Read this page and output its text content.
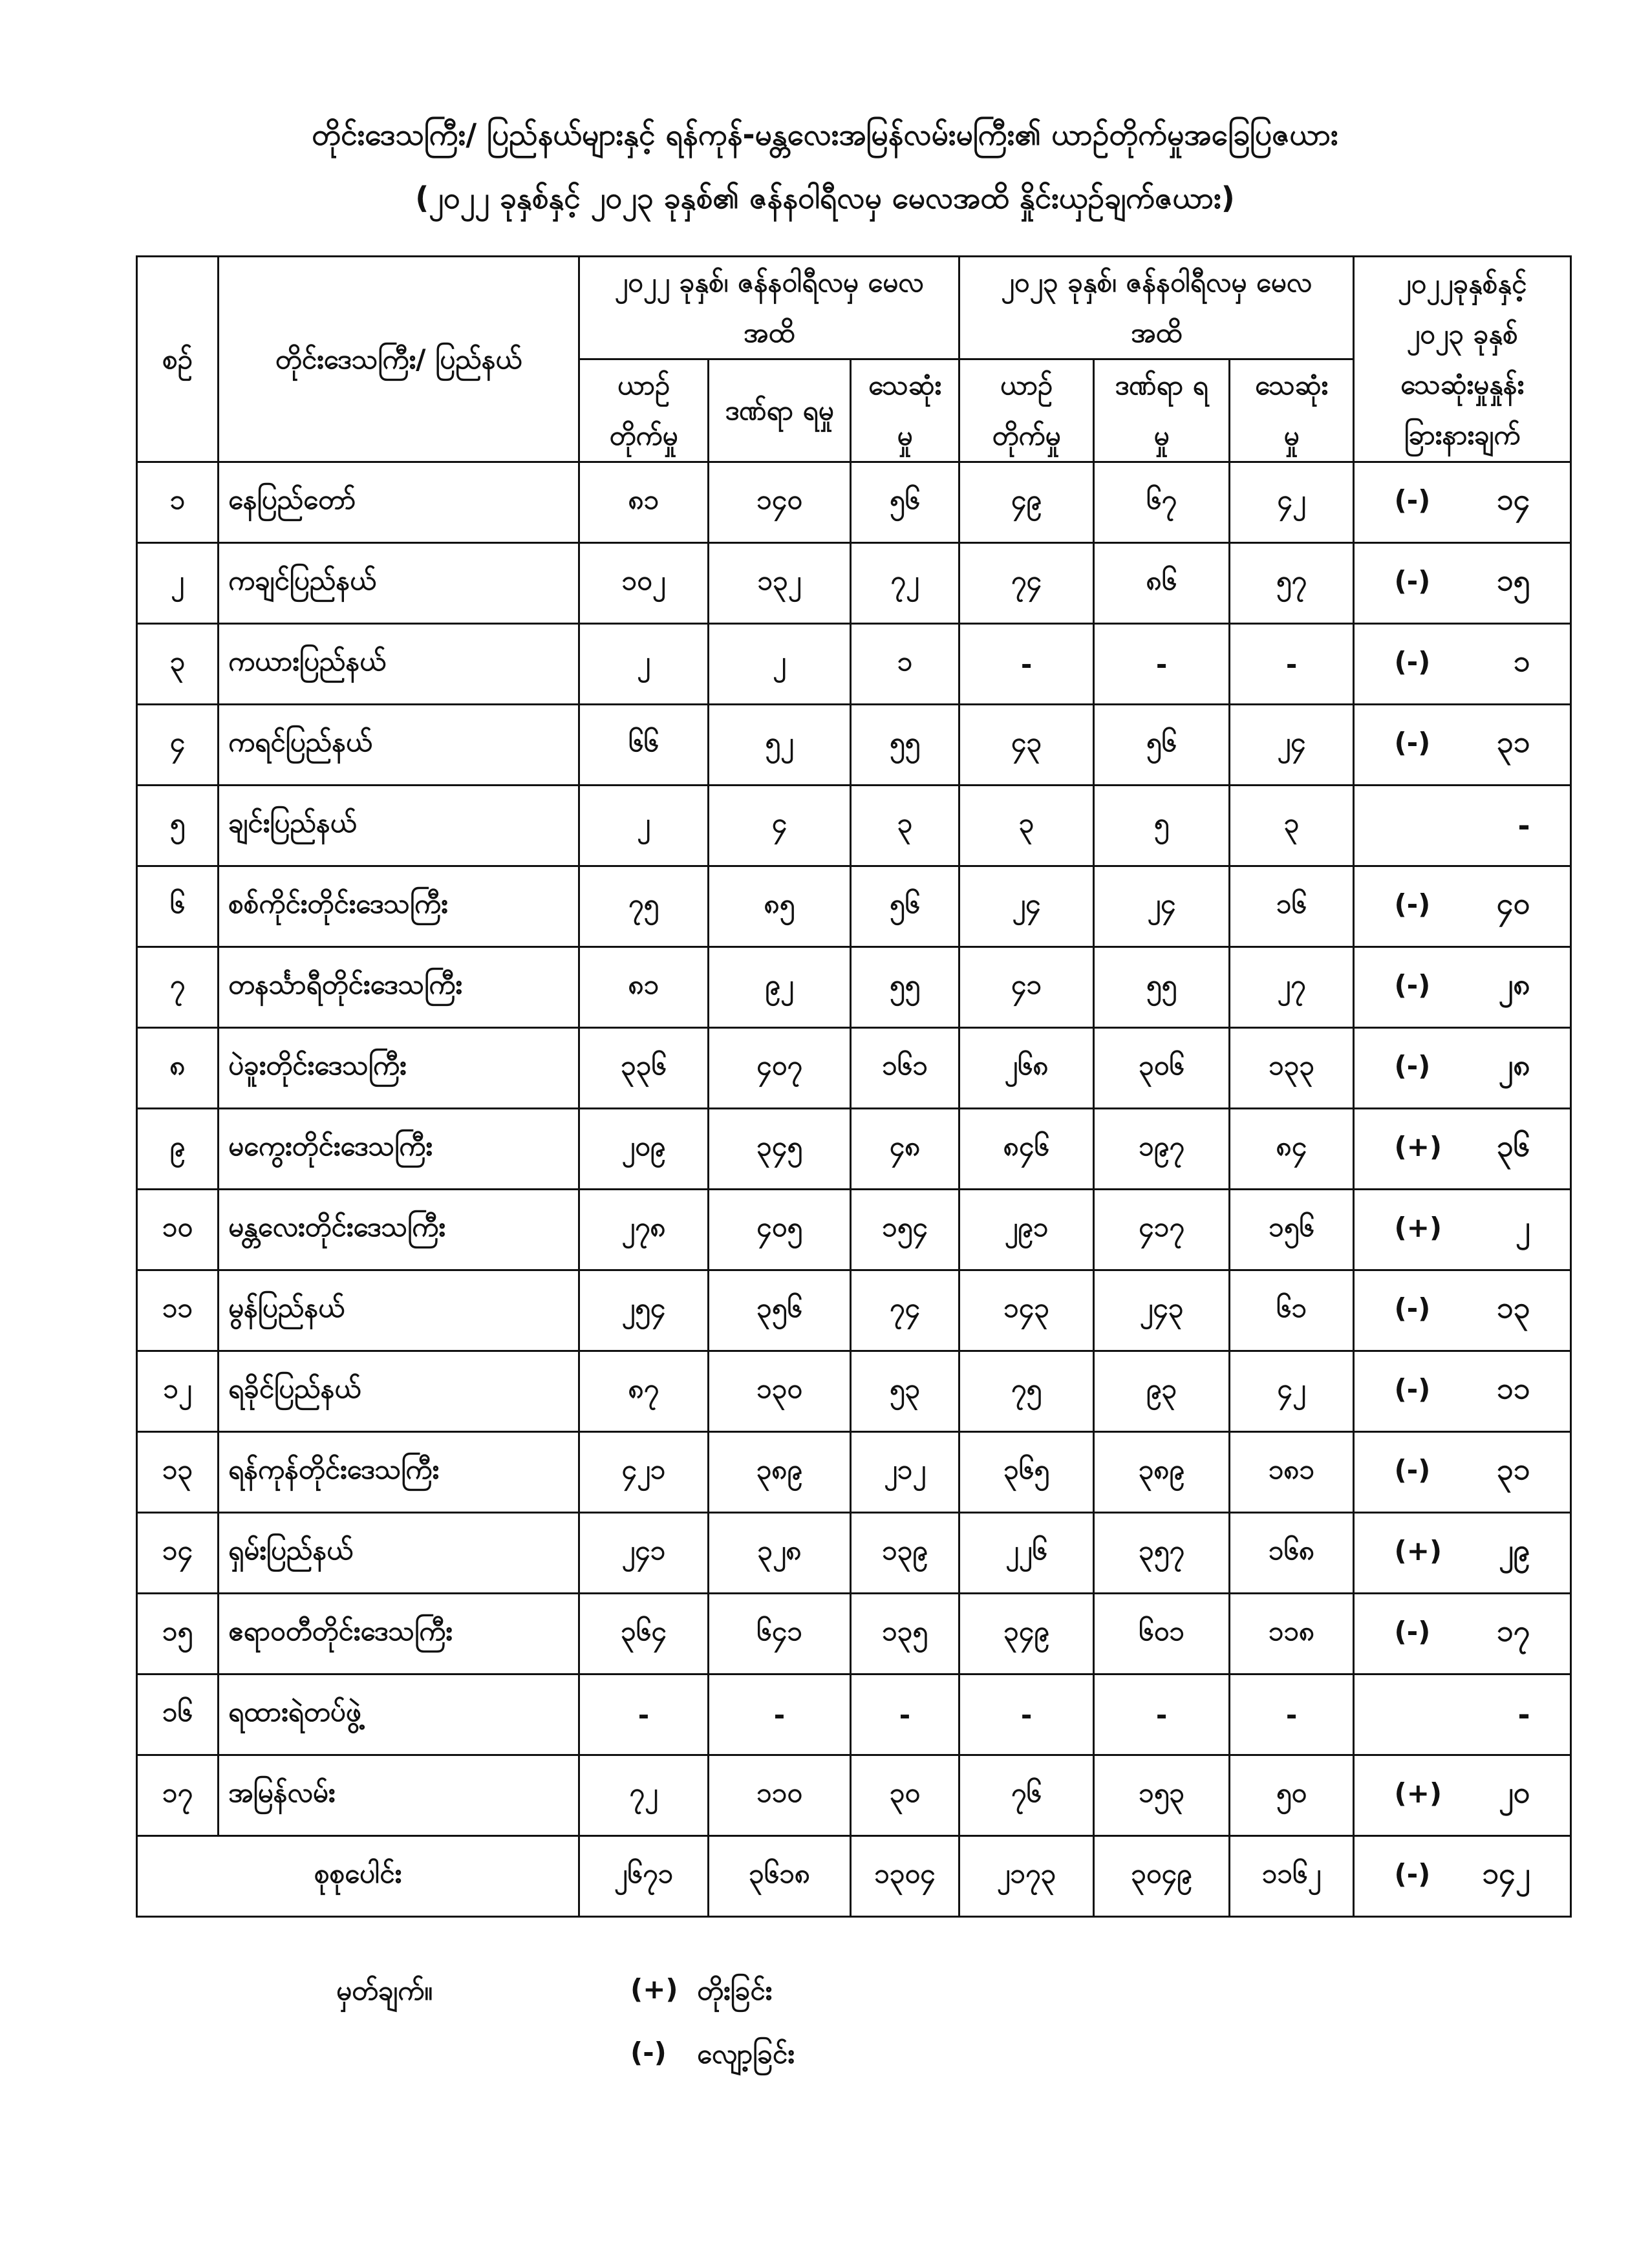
တိုင်းဒေသကြီး/ ပြည်နယ်များနှင့် ရန်ကုန်-မန္တလေးအမြန်လမ်းမကြီး၏ ယာဉ်တိုက်မှုအခြေပြဇယား
(၂၀၂၂ ခုနှစ်နှင့် ၂၀၂၃ ခုနှစ်၏ ဇန်နဝါရီလမှ မေလအထိ နှိုင်းယှဉ်ချက်ဇယား)
စဉ်	တိုင်းဒေသကြီး/ ပြည်နယ်	၂၀၂၂ ခုနှစ်၊ ဇန်နဝါရီလမှ မေလအထိ			၂၀၂၃ ခုနှစ်၊ ဇန်နဝါရီလမှ မေလအထိ			၂၀၂၂ခုနှစ်နှင့် ၂၀၂၃ ခုနှစ် သေဆုံးမှုနှုန်း ခြားနားချက်
		ယာဉ် တိုက်မှု	ဒဏ်ရာ ရမှု	သေဆုံး မှု	ယာဉ် တိုက်မှု	ဒဏ်ရာ ရမှု	သေဆုံး မှု	
၁	နေပြည်တော်	၈၁	၁၄၀	၅၆	၄၉	၆၇	၄၂	(-) ၁၄
၂	ကချင်ပြည်နယ်	၁၀၂	၁၃၂	၇၂	၇၄	၈၆	၅၇	(-) ၁၅
၃	ကယားပြည်နယ်	၂	၂	၁	-	-	-	(-) ၁
၄	ကရင်ပြည်နယ်	၆၆	၅၂	၅၅	၄၃	၅၆	၂၄	(-) ၃၁
၅	ချင်းပြည်နယ်	၂	၄	၃	၃	၅	၃	-
၆	စစ်ကိုင်းတိုင်းဒေသကြီး	၇၅	၈၅	၅၆	၂၄	၂၄	၁၆	(-) ၄၀
၇	တနင်္သာရီတိုင်းဒေသကြီး	၈၁	၉၂	၅၅	၄၁	၅၅	၂၇	(-) ၂၈
၈	ပဲခူးတိုင်းဒေသကြီး	၃၃၆	၄၀၇	၁၆၁	၂၆၈	၃၀၆	၁၃၃	(-) ၂၈
၉	မကွေးတိုင်းဒေသကြီး	၂၀၉	၃၄၅	၄၈	၈၄၆	၁၉၇	၈၄	(+) ၃၆
၁၀	မန္တလေးတိုင်းဒေသကြီး	၂၇၈	၄၀၅	၁၅၄	၂၉၁	၄၁၇	၁၅၆	(+) ၂
၁၁	မွန်ပြည်နယ်	၂၅၄	၃၅၆	၇၄	၁၄၃	၂၄၃	၆၁	(-) ၁၃
၁၂	ရခိုင်ပြည်နယ်	၈၇	၁၃၀	၅၃	၇၅	၉၃	၄၂	(-) ၁၁
၁၃	ရန်ကုန်တိုင်းဒေသကြီး	၄၂၁	၃၈၉	၂၁၂	၃၆၅	၃၈၉	၁၈၁	(-) ၃၁
၁၄	ရှမ်းပြည်နယ်	၂၄၁	၃၂၈	၁၃၉	၂၂၆	၃၅၇	၁၆၈	(+) ၂၉
၁၅	ဧရာဝတီတိုင်းဒေသကြီး	၃၆၄	၆၄၁	၁၃၅	၃၄၉	၆၀၁	၁၁၈	(-) ၁၇
၁၆	ရထားရဲတပ်ဖွဲ့	-	-	-	-	-	-	-
၁၇	အမြန်လမ်း	၇၂	၁၁၀	၃၀	၇၆	၁၅၃	၅၀	(+) ၂၀
စုစုပေါင်း		၂၆၇၁	၃၆၁၈	၁၃၀၄	၂၁၇၃	၃၀၄၉	၁၁၆၂	(-) ၁၄၂
မှတ်ချက်။	(+) တိုးခြင်း
(-) လျော့ခြင်း
